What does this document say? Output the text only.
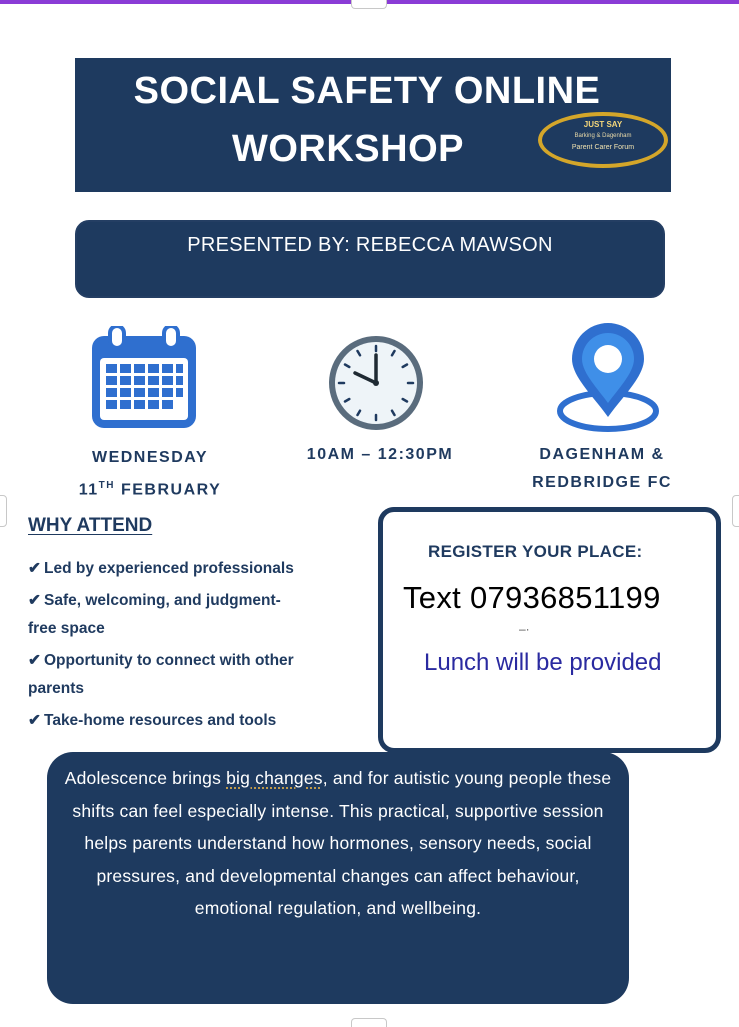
SOCIAL SAFETY ONLINE
WORKSHOP
JUST SAY
Barking & Dagenham
Parent Carer Forum
PRESENTED BY: REBECCA MAWSON
WEDNESDAY
11TH FEBRUARY
10AM – 12:30PM	DAGENHAM &
REDBRIDGE FC
WHY ATTEND
✔ Led by experienced professionals
✔ Safe, welcoming, and judgment-
free space
✔ Opportunity to connect with other
parents
✔ Take-home resources and tools
REGISTER YOUR PLACE:
Text 07936851199
–·
Lunch will be provided

Adolescence brings big changes, and for autistic young people these shifts can feel especially intense. This practical, supportive session helps parents understand how hormones, sensory needs, social pressures, and developmental changes can affect behaviour, emotional regulation, and wellbeing.
